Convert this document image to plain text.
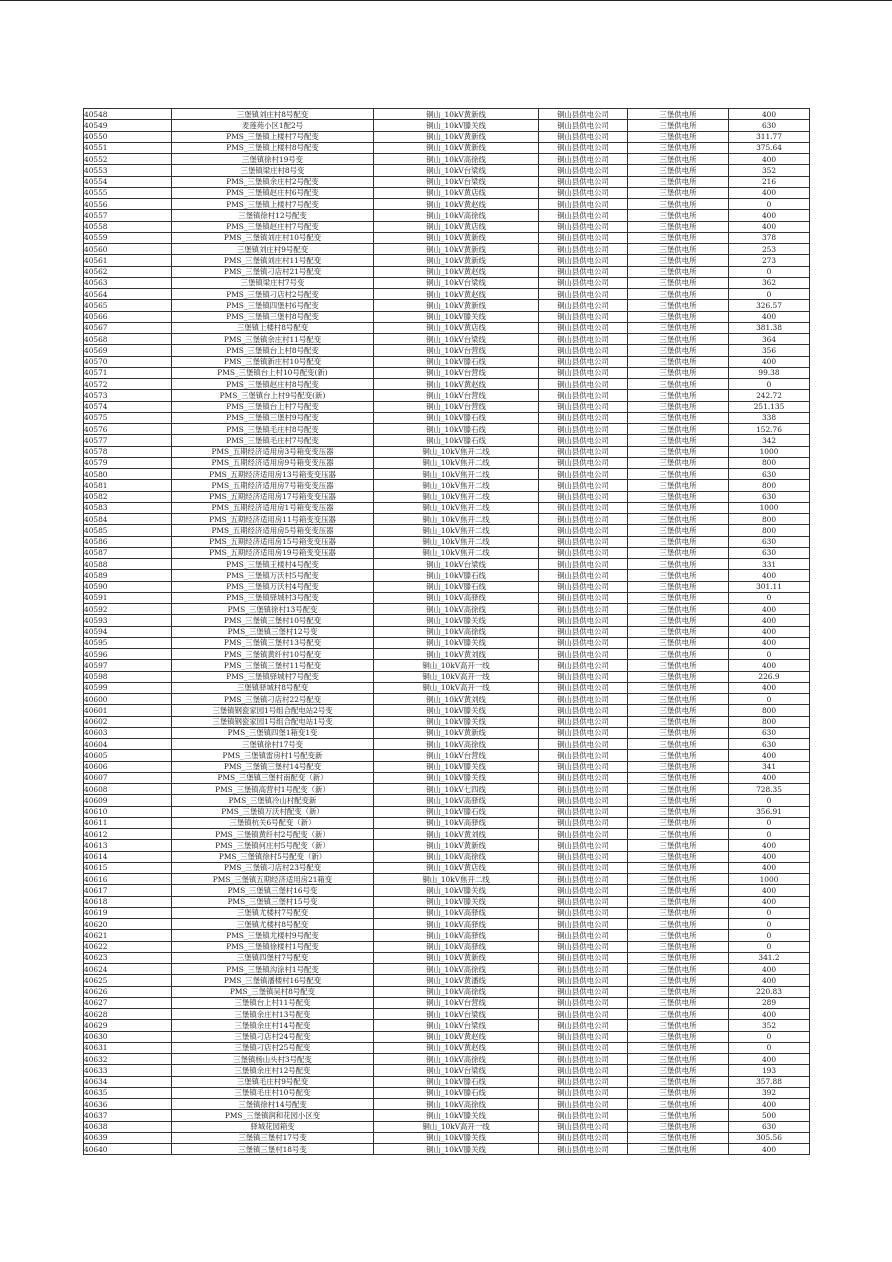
40548	三堡镇刘庄村8号配变	铜山_10kV黄新线	铜山县供电公司	三堡供电所	400
40549	麦莲苑小区1配2号	铜山_10kV滕关线	铜山县供电公司	三堡供电所	630
40550	PMS_三堡镇上楼村7号配变	铜山_10kV黄新线	铜山县供电公司	三堡供电所	311.77
40551	PMS_三堡镇上楼村8号配变	铜山_10kV黄新线	铜山县供电公司	三堡供电所	375.64
40552	三堡镇徐村19号变	铜山_10kV高徐线	铜山县供电公司	三堡供电所	400
40553	三堡镇梁庄村8号变	铜山_10kV台梁线	铜山县供电公司	三堡供电所	352
40554	PMS_三堡镇余庄村2号配变	铜山_10kV台梁线	铜山县供电公司	三堡供电所	216
40555	PMS_三堡镇赵庄村6号配变	铜山_10kV黄店线	铜山县供电公司	三堡供电所	400
40556	PMS_三堡镇上楼村7号配变	铜山_10kV黄赵线	铜山县供电公司	三堡供电所	0
40557	三堡镇徐村12号配变	铜山_10kV高徐线	铜山县供电公司	三堡供电所	400
40558	PMS_三堡镇赵庄村7号配变	铜山_10kV黄店线	铜山县供电公司	三堡供电所	400
40559	PMS_三堡镇刘庄村10号配变	铜山_10kV黄新线	铜山县供电公司	三堡供电所	378
40560	三堡镇刘庄村9号配变	铜山_10kV黄新线	铜山县供电公司	三堡供电所	253
40561	PMS_三堡镇刘庄村11号配变	铜山_10kV黄新线	铜山县供电公司	三堡供电所	273
40562	PMS_三堡镇刁店村21号配变	铜山_10kV黄赵线	铜山县供电公司	三堡供电所	0
40563	三堡镇梁庄村7号变	铜山_10kV台梁线	铜山县供电公司	三堡供电所	362
40564	PMS_三堡镇刁店村2号配变	铜山_10kV黄赵线	铜山县供电公司	三堡供电所	0
40565	PMS_三堡镇四堡村6号配变	铜山_10kV黄新线	铜山县供电公司	三堡供电所	326.57
40566	PMS_三堡镇三堡村8号配变	铜山_10kV滕关线	铜山县供电公司	三堡供电所	400
40567	三堡镇上楼村8号配变	铜山_10kV黄店线	铜山县供电公司	三堡供电所	381.38
40568	PMS_三堡镇余庄村11号配变	铜山_10kV台梁线	铜山县供电公司	三堡供电所	364
40569	PMS_三堡镇台上村8号配变	铜山_10kV台营线	铜山县供电公司	三堡供电所	356
40570	PMS_三堡镇新庄村10号配变	铜山_10kV滕石线	铜山县供电公司	三堡供电所	400
40571	PMS_三堡镇台上村10号配变(新)	铜山_10kV台营线	铜山县供电公司	三堡供电所	99.38
40572	PMS_三堡镇赵庄村8号配变	铜山_10kV黄赵线	铜山县供电公司	三堡供电所	0
40573	PMS_三堡镇台上村9号配变(新)	铜山_10kV台营线	铜山县供电公司	三堡供电所	242.72
40574	PMS_三堡镇台上村7号配变	铜山_10kV台营线	铜山县供电公司	三堡供电所	251.135
40575	PMS_三堡镇三堡村9号配变	铜山_10kV滕石线	铜山县供电公司	三堡供电所	338
40576	PMS_三堡镇毛庄村8号配变	铜山_10kV滕石线	铜山县供电公司	三堡供电所	152.76
40577	PMS_三堡镇毛庄村7号配变	铜山_10kV滕石线	铜山县供电公司	三堡供电所	342
40578	PMS_五期经济适用房3号箱变变压器	铜山_10kV焦开二线	铜山县供电公司	三堡供电所	1000
40579	PMS_五期经济适用房9号箱变变压器	铜山_10kV焦开二线	铜山县供电公司	三堡供电所	800
40580	PMS_五期经济适用房13号箱变变压器	铜山_10kV焦开二线	铜山县供电公司	三堡供电所	630
40581	PMS_五期经济适用房7号箱变变压器	铜山_10kV焦开二线	铜山县供电公司	三堡供电所	800
40582	PMS_五期经济适用房17号箱变变压器	铜山_10kV焦开二线	铜山县供电公司	三堡供电所	630
40583	PMS_五期经济适用房1号箱变变压器	铜山_10kV焦开二线	铜山县供电公司	三堡供电所	1000
40584	PMS_五期经济适用房11号箱变变压器	铜山_10kV焦开二线	铜山县供电公司	三堡供电所	800
40585	PMS_五期经济适用房5号箱变变压器	铜山_10kV焦开二线	铜山县供电公司	三堡供电所	800
40586	PMS_五期经济适用房15号箱变变压器	铜山_10kV焦开二线	铜山县供电公司	三堡供电所	630
40587	PMS_五期经济适用房19号箱变变压器	铜山_10kV焦开二线	铜山县供电公司	三堡供电所	630
40588	PMS_三堡镇王楼村4号配变	铜山_10kV台梁线	铜山县供电公司	三堡供电所	331
40589	PMS_三堡镇万沃村5号配变	铜山_10kV滕石线	铜山县供电公司	三堡供电所	400
40590	PMS_三堡镇万沃村4号配变	铜山_10kV滕石线	铜山县供电公司	三堡供电所	301.11
40591	PMS_三堡镇驿城村3号配变	铜山_10kV高驿线	铜山县供电公司	三堡供电所	0
40592	PMS_三堡镇徐村13号配变	铜山_10kV高徐线	铜山县供电公司	三堡供电所	400
40593	PMS_三堡镇三堡村10号配变	铜山_10kV滕关线	铜山县供电公司	三堡供电所	400
40594	PMS_三堡镇三堡村12号变	铜山_10kV高徐线	铜山县供电公司	三堡供电所	400
40595	PMS_三堡镇三堡村13号配变	铜山_10kV滕关线	铜山县供电公司	三堡供电所	400
40596	PMS_三堡镇黄纤村10号配变	铜山_10kV黄刘线	铜山县供电公司	三堡供电所	0
40597	PMS_三堡镇三堡村11号配变	铜山_10kV高开一线	铜山县供电公司	三堡供电所	400
40598	PMS_三堡镇驿城村7号配变	铜山_10kV高开一线	铜山县供电公司	三堡供电所	226.9
40599	三堡镇驿城村8号配变	铜山_10kV高开一线	铜山县供电公司	三堡供电所	400
40600	PMS_三堡镇刁店村22号配变	铜山_10kV黄刘线	铜山县供电公司	三堡供电所	0
40601	三堡镇钢瓷家园1号组合配电站2号变	铜山_10kV滕关线	铜山县供电公司	三堡供电所	800
40602	三堡镇钢瓷家园1号组合配电站1号变	铜山_10kV滕关线	铜山县供电公司	三堡供电所	800
40603	PMS_三堡镇四堡1箱变1变	铜山_10kV黄新线	铜山县供电公司	三堡供电所	630
40604	三堡镇徐村17号变	铜山_10kV高徐线	铜山县供电公司	三堡供电所	630
40605	PMS_三堡镇雷房村1号配变新	铜山_10kV台营线	铜山县供电公司	三堡供电所	400
40606	PMS_三堡镇三堡村14号配变	铜山_10kV滕关线	铜山县供电公司	三堡供电所	341
40607	PMS_三堡镇三堡村南配变（新）	铜山_10kV滕关线	铜山县供电公司	三堡供电所	400
40608	PMS_三堡镇高营村1号配变（新）	铜山_10kV七四线	铜山县供电公司	三堡供电所	728.35
40609	PMS_三堡镇冷山村配变新	铜山_10kV高驿线	铜山县供电公司	三堡供电所	0
40610	PMS_三堡镇万沃村配变（新）	铜山_10kV滕石线	铜山县供电公司	三堡供电所	356.91
40611	三堡镇杭关6号配变（新）	铜山_10kV高驿线	铜山县供电公司	三堡供电所	0
40612	PMS_三堡镇黄纤村2号配变（新）	铜山_10kV黄刘线	铜山县供电公司	三堡供电所	0
40613	PMS_三堡镇何庄村5号配变（新）	铜山_10kV黄新线	铜山县供电公司	三堡供电所	400
40614	PMS_三堡镇徐村5号配变（新）	铜山_10kV高徐线	铜山县供电公司	三堡供电所	400
40615	PMS_三堡镇刁店村23号配变	铜山_10kV黄店线	铜山县供电公司	三堡供电所	400
40616	PMS_三堡镇五期经济适用房21箱变	铜山_10kV焦开二线	铜山县供电公司	三堡供电所	1000
40617	PMS_三堡镇三堡村16号变	铜山_10kV滕关线	铜山县供电公司	三堡供电所	400
40618	PMS_三堡镇三堡村15号变	铜山_10kV滕关线	铜山县供电公司	三堡供电所	400
40619	三堡镇尤楼村7号配变	铜山_10kV高驿线	铜山县供电公司	三堡供电所	0
40620	三堡镇尤楼村8号配变	铜山_10kV高驿线	铜山县供电公司	三堡供电所	0
40621	PMS_三堡镇尤楼村9号配变	铜山_10kV高驿线	铜山县供电公司	三堡供电所	0
40622	PMS_三堡镇徐楼村1号配变	铜山_10kV高驿线	铜山县供电公司	三堡供电所	0
40623	三堡镇四堡村7号配变	铜山_10kV黄新线	铜山县供电公司	三堡供电所	341.2
40624	PMS_三堡镇沟涂村1号配变	铜山_10kV高徐线	铜山县供电公司	三堡供电所	400
40625	PMS_三堡镇潘楼村16号配变	铜山_10kV黄潘线	铜山县供电公司	三堡供电所	400
40626	PMS_三堡镇吴村8号配变	铜山_10kV高徐线	铜山县供电公司	三堡供电所	220.83
40627	三堡镇台上村11号配变	铜山_10kV台营线	铜山县供电公司	三堡供电所	289
40628	三堡镇余庄村13号配变	铜山_10kV台梁线	铜山县供电公司	三堡供电所	400
40629	三堡镇余庄村14号配变	铜山_10kV台梁线	铜山县供电公司	三堡供电所	352
40630	三堡镇刁店村24号配变	铜山_10kV黄赵线	铜山县供电公司	三堡供电所	0
40631	三堡镇刁店村25号配变	铜山_10kV黄赵线	铜山县供电公司	三堡供电所	0
40632	三堡镇杨山头村3号配变	铜山_10kV高徐线	铜山县供电公司	三堡供电所	400
40633	三堡镇余庄村12号配变	铜山_10kV台梁线	铜山县供电公司	三堡供电所	193
40634	三堡镇毛庄村9号配变	铜山_10kV滕石线	铜山县供电公司	三堡供电所	357.88
40635	三堡镇毛庄村10号配变	铜山_10kV滕石线	铜山县供电公司	三堡供电所	392
40636	三堡镇徐村14号配变	铜山_10kV高徐线	铜山县供电公司	三堡供电所	400
40637	PMS_三堡镇润和花园小区变	铜山_10kV滕关线	铜山县供电公司	三堡供电所	500
40638	驿城花园箱变	铜山_10kV高开一线	铜山县供电公司	三堡供电所	630
40639	三堡镇三堡村17号变	铜山_10kV滕关线	铜山县供电公司	三堡供电所	305.56
40640	三堡镇三堡村18号变	铜山_10kV滕关线	铜山县供电公司	三堡供电所	400
